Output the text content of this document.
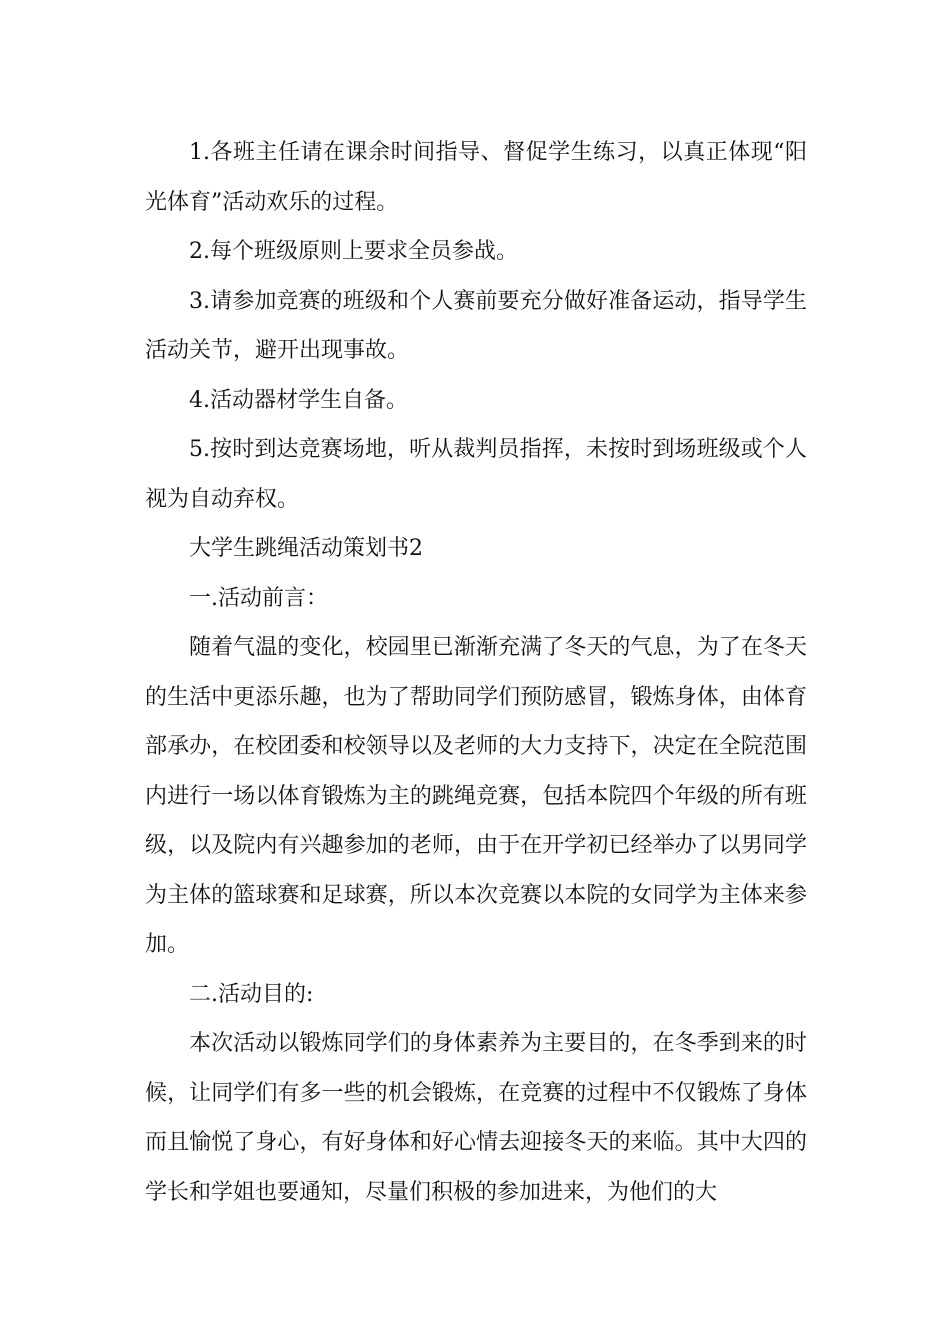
1.各班主任请在课余时间指导、督促学生练习，以真正体现“阳光体育”活动欢乐的过程。

2.每个班级原则上要求全员参战。

3.请参加竞赛的班级和个人赛前要充分做好准备运动，指导学生活动关节，避开出现事故。

4.活动器材学生自备。

5.按时到达竞赛场地，听从裁判员指挥，未按时到场班级或个人视为自动弃权。

大学生跳绳活动策划书2

一.活动前言：

随着气温的变化，校园里已渐渐充满了冬天的气息，为了在冬天的生活中更添乐趣，也为了帮助同学们预防感冒，锻炼身体，由体育部承办，在校团委和校领导以及老师的大力支持下，决定在全院范围内进行一场以体育锻炼为主的跳绳竞赛，包括本院四个年级的所有班级，以及院内有兴趣参加的老师，由于在开学初已经举办了以男同学为主体的篮球赛和足球赛，所以本次竞赛以本院的女同学为主体来参加。

二.活动目的:

本次活动以锻炼同学们的身体素养为主要目的，在冬季到来的时候，让同学们有多一些的机会锻炼，在竞赛的过程中不仅锻炼了身体而且愉悦了身心，有好身体和好心情去迎接冬天的来临。其中大四的学长和学姐也要通知，尽量们积极的参加进来，为他们的大
